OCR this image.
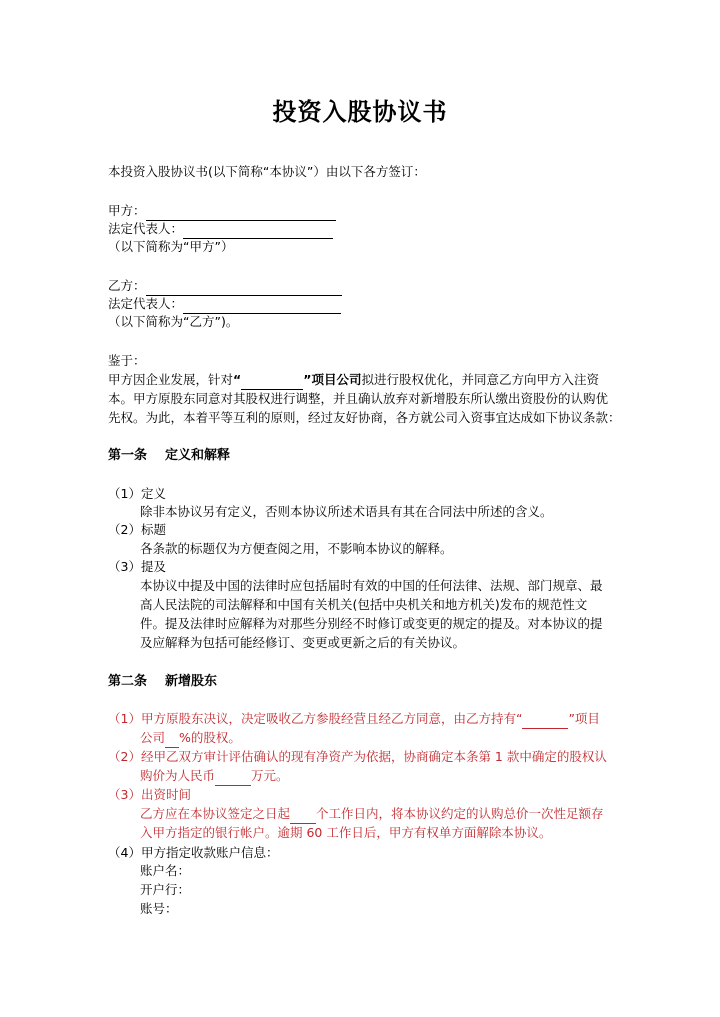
投资入股协议书
本投资入股协议书(以下简称“本协议”）由以下各方签订：
甲方：
法定代表人：
（以下简称为“甲方”）
乙方：
法定代表人：
（以下简称为“乙方”)。
鉴于：
甲方因企业发展，针对“	”项目公司拟进行股权优化，并同意乙方向甲方入注资
本。甲方原股东同意对其股权进行调整，并且确认放弃对新增股东所认缴出资股份的认购优
先权。为此，本着平等互利的原则，经过友好协商，各方就公司入资事宜达成如下协议条款：
第一条 定义和解释
（1）定义
除非本协议另有定义，否则本协议所述术语具有其在合同法中所述的含义。
（2）标题
各条款的标题仅为方便查阅之用，不影响本协议的解释。
（3）提及
本协议中提及中国的法律时应包括届时有效的中国的任何法律、法规、部门规章、最
高人民法院的司法解释和中国有关机关(包括中央机关和地方机关)发布的规范性文
件。提及法律时应解释为对那些分别经不时修订或变更的规定的提及。对本协议的提
及应解释为包括可能经修订、变更或更新之后的有关协议。
第二条 新增股东
（1）甲方原股东决议，决定吸收乙方参股经营且经乙方同意，由乙方持有“	”项目
公司 %的股权。
（2）经甲乙双方审计评估确认的现有净资产为依据，协商确定本条第 1 款中确定的股权认
购价为人民币	万元。
（3）出资时间
乙方应在本协议签定之日起 个工作日内，将本协议约定的认购总价一次性足额存
入甲方指定的银行帐户。逾期 60 工作日后，甲方有权单方面解除本协议。
（4）甲方指定收款账户信息：
账户名：
开户行：
账号：
